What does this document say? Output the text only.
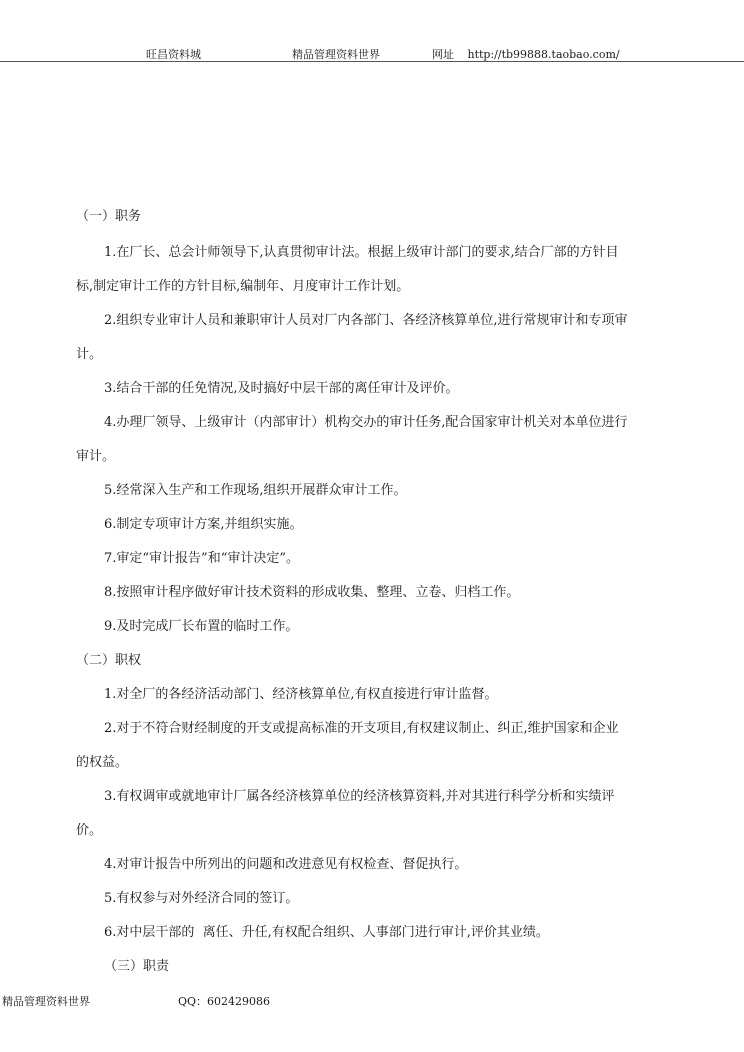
旺昌资料城	精品管理资料世界	网址 http://tb99888.taobao.com/
（一）职务
1.在厂长、总会计师领导下,认真贯彻审计法。根据上级审计部门的要求,结合厂部的方针目
标,制定审计工作的方针目标,编制年、月度审计工作计划。
2.组织专业审计人员和兼职审计人员对厂内各部门、各经济核算单位,进行常规审计和专项审
计。
3.结合干部的任免情况,及时搞好中层干部的离任审计及评价。
4.办理厂领导、上级审计（内部审计）机构交办的审计任务,配合国家审计机关对本单位进行
审计。
5.经常深入生产和工作现场,组织开展群众审计工作。
6.制定专项审计方案,并组织实施。
7.审定“审计报告”和“审计决定”。
8.按照审计程序做好审计技术资料的形成收集、整理、立卷、归档工作。
9.及时完成厂长布置的临时工作。
（二）职权
1.对全厂的各经济活动部门、经济核算单位,有权直接进行审计监督。
2.对于不符合财经制度的开支或提高标准的开支项目,有权建议制止、纠正,维护国家和企业
的权益。
3.有权调审或就地审计厂属各经济核算单位的经济核算资料,并对其进行科学分析和实绩评
价。
4.对审计报告中所列出的问题和改进意见有权检查、督促执行。
5.有权参与对外经济合同的签订。
6.对中层干部的  离任、升任,有权配合组织、人事部门进行审计,评价其业绩。
（三）职责
精品管理资料世界	QQ：602429086
